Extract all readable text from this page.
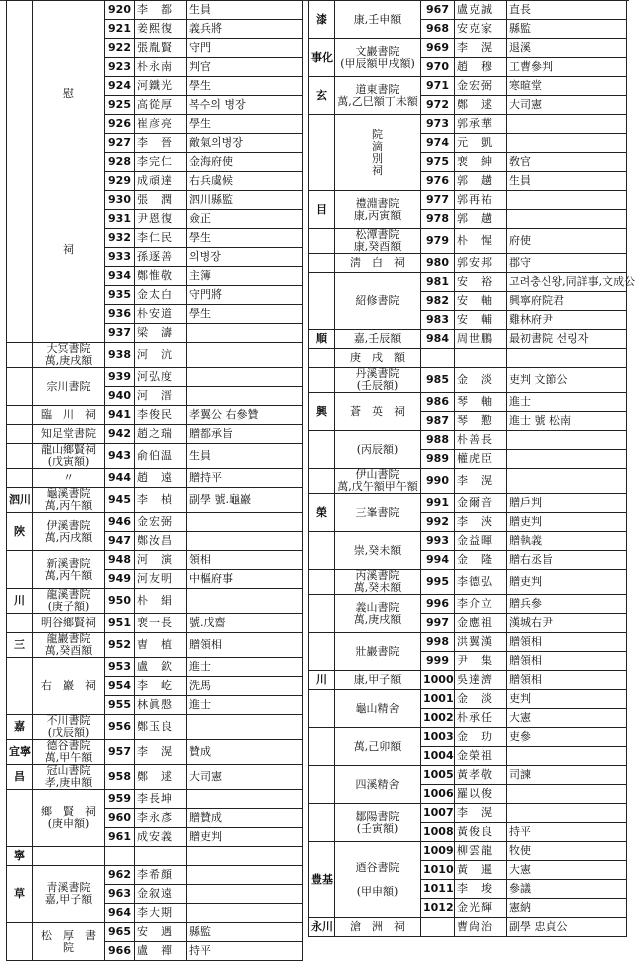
	慰

祠	920	李　都	生員
		921	姜熙復	義兵將
		922	張胤賢	守門
		923	朴永南	判官
		924	河鐵光	學生
		925	高從厚	복수의 병장
		926	崔彦亮	學生
		927	李　晉	敵氣의병장
		928	李完仁	金海府使
		929	成頑達	右兵虞候
		930	張　潤	泗川縣監
		931	尹恩復	僉正
		932	李仁民	學生
		933	孫逐善	의병장
		934	鄭惟敬	主簿
		935	金太白	守門將
		936	朴安道	學生
		937	梁　濤	
	大冥書院
萬,庚戌額	938	河　沆	
	宗川書院	939	河弘度	
		940	河　溍	
	臨　川　祠	941	李俊民	孝翼公 右參贊
	知足堂書院	942	趙之瑞	贈都承旨
	龍山鄉賢祠
(戊寅額)	943	俞伯温	生員
	〃	944	趙　遠	贈持平
泗川	龜溪書院
萬,丙午額	945	李　楨	副學 號.龜巖
陜	伊溪書院
萬,丙戌額	946	金宏弼	
		947	鄭汝昌	
	新溪書院
萬,丙午額	948	河　演	領相
		949	河友明	中樞府事
川	龍溪書院
(庚子額)	950	朴　絹	
	明谷鄉賢祠	951	裵一長	號.戊齋
三	龍巖書院
萬,癸酉額	952	曺　植	贈領相
	右　巖　祠	953	盧　欽	進士
		954	李　屹	洗馬
		955	林眞慇	進士
嘉	不川書院
(戊辰額)	956	鄭玉良	
宜寧	德谷書院
萬,甲午額	957	李　滉	贊成
昌	冠山書院
孝,庚申額	958	鄭　逑	大司憲
	鄉　賢　祠
(庚申額)	959	李長坤	
		960	李永彥	贈贊成
		961	成安義	贈吏判
寧				
草	靑溪書院
嘉,甲子額	962	李希顔	
		963	金叙遠	
		964	李大期	
	松　厚　書　院	965	安　遇	縣監
		966	盧　禪	持平
漆	康,壬申額	967	盧克誠	直長
		968	安克家	縣監
事化	文巖書院
(甲辰額甲戌額)	969	李　滉	退溪
		970	趙　穆	工曹參判
玄	道東書院
萬,乙巳額丁未額	971	金宏弼	寒暄堂
		972	鄭　逑	大司憲
	院
滴
別
祠	973	郭承華	
		974	元　凱	
		975	裵　紳	敎官
		976	郭　趪	生員
目	禮淵書院
康,丙寅額	977	郭再祐	
		978	郭　趪	
	松潭書院
康,癸酉額	979	朴　惺	府使
	淸　白　祠	980	郭安邦	郡守
	紹修書院	981	安　裕	고려충신왕,同詳事,文成公
		982	安　軸	興寧府院君
		983	安　輔	雞林府尹
順	嘉,壬辰額	984	周世鵬	最初書院 선링자
	庚　戌　額			
	丹溪書院
(壬辰額)	985	金　淡	吏判 文節公
興	蒼　英　祠	986	琴　軸	進士
		987	琴　懃	進士 號 松南
	(丙辰額)	988	朴善長	
		989	權虎臣	
	伊山書院
萬,戊午額甲午額	990	李　滉	
榮	三峯書院	991	金爾音	贈戶判
		992	李　浹	贈吏判
	崇,癸未額	993	金益暉	贈執義
		994	金　隆	贈右丞旨
	丙溪書院
萬,癸未額	995	李德弘	贈吏判
	義山書院
萬,庚戌額	996	李介立	贈兵參
		997	金應祖	漢城右尹
	壯巖書院	998	洪翼漢	贈領相
		999	尹　集	贈領相
川	康,甲子額	1000	吳達濟	贈領相
	龜山精舍	1001	金　淡	吏判
		1002	朴承任	大憲
	萬,己卯額	1003	金　玏	吏參
		1004	金榮祖	
	四溪精舍	1005	黃孝敬	司諫
		1006	羅以俊	
	鄒陽書院
(壬寅額)	1007	李　滉	
		1008	黃俊良	持平
豊基	迺谷書院

(甲申額)	1009	柳雲龍	牧使
		1010	黃　暹	大憲
		1011	李　埈	參議
		1012	金光輝	憲納
永川	滄　洲　祠		曹尙治	副學 忠貞公
